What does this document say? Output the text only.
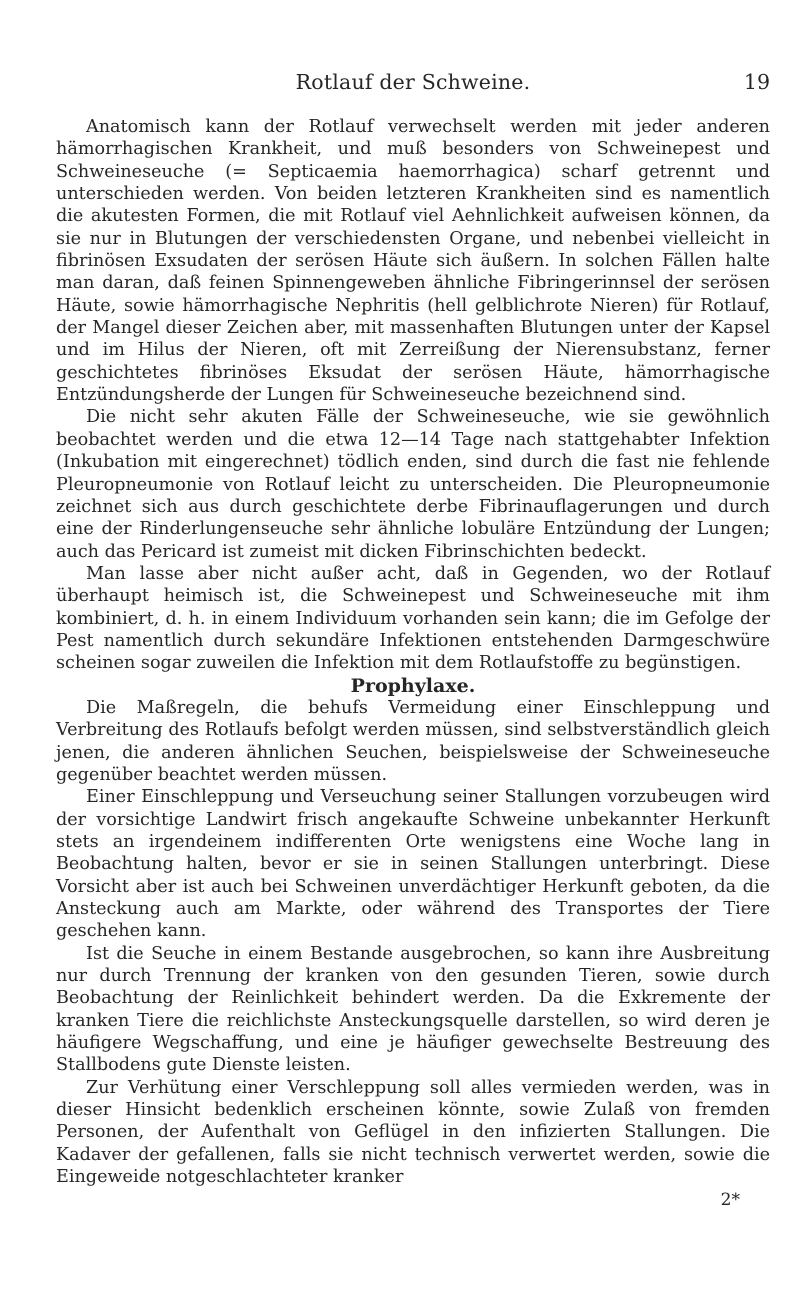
Rotlauf der Schweine.	19

Anatomisch kann der Rotlauf verwechselt werden mit jeder anderen hämorrhagischen Krankheit, und muß besonders von Schweinepest und Schweineseuche (= Septicaemia haemorrhagica) scharf getrennt und unterschieden werden. Von beiden letzteren Krankheiten sind es namentlich die akutesten Formen, die mit Rotlauf viel Aehnlichkeit aufweisen können, da sie nur in Blutungen der verschiedensten Organe, und nebenbei vielleicht in fibrinösen Exsudaten der serösen Häute sich äußern. In solchen Fällen halte man daran, daß feinen Spinnengeweben ähnliche Fibringerinnsel der serösen Häute, sowie hämorrhagische Nephritis (hell gelblichrote Nieren) für Rotlauf, der Mangel dieser Zeichen aber, mit massenhaften Blutungen unter der Kapsel und im Hilus der Nieren, oft mit Zerreißung der Nierensubstanz, ferner geschichtetes fibrinöses Eksudat der serösen Häute, hämorrhagische Entzündungsherde der Lungen für Schweineseuche bezeichnend sind.

Die nicht sehr akuten Fälle der Schweineseuche, wie sie gewöhnlich beobachtet werden und die etwa 12—14 Tage nach stattgehabter Infektion (Inkubation mit eingerechnet) tödlich enden, sind durch die fast nie fehlende Pleuropneumonie von Rotlauf leicht zu unterscheiden. Die Pleuropneumonie zeichnet sich aus durch geschichtete derbe Fibrinauflagerungen und durch eine der Rinderlungenseuche sehr ähnliche lobuläre Entzündung der Lungen; auch das Pericard ist zumeist mit dicken Fibrinschichten bedeckt.

Man lasse aber nicht außer acht, daß in Gegenden, wo der Rotlauf überhaupt heimisch ist, die Schweinepest und Schweineseuche mit ihm kombiniert, d. h. in einem Individuum vorhanden sein kann; die im Gefolge der Pest namentlich durch sekundäre Infektionen entstehenden Darmgeschwüre scheinen sogar zuweilen die Infektion mit dem Rotlaufstoffe zu begünstigen.

Prophylaxe.

Die Maßregeln, die behufs Vermeidung einer Einschleppung und Verbreitung des Rotlaufs befolgt werden müssen, sind selbstverständlich gleich jenen, die anderen ähnlichen Seuchen, beispielsweise der Schweineseuche gegenüber beachtet werden müssen.

Einer Einschleppung und Verseuchung seiner Stallungen vorzubeugen wird der vorsichtige Landwirt frisch angekaufte Schweine unbekannter Herkunft stets an irgendeinem indifferenten Orte wenigstens eine Woche lang in Beobachtung halten, bevor er sie in seinen Stallungen unterbringt. Diese Vorsicht aber ist auch bei Schweinen unverdächtiger Herkunft geboten, da die Ansteckung auch am Markte, oder während des Transportes der Tiere geschehen kann.

Ist die Seuche in einem Bestande ausgebrochen, so kann ihre Ausbreitung nur durch Trennung der kranken von den gesunden Tieren, sowie durch Beobachtung der Reinlichkeit behindert werden. Da die Exkremente der kranken Tiere die reichlichste Ansteckungsquelle darstellen, so wird deren je häufigere Wegschaffung, und eine je häufiger gewechselte Bestreuung des Stallbodens gute Dienste leisten.

Zur Verhütung einer Verschleppung soll alles vermieden werden, was in dieser Hinsicht bedenklich erscheinen könnte, sowie Zulaß von fremden Personen, der Aufenthalt von Geflügel in den infizierten Stallungen. Die Kadaver der gefallenen, falls sie nicht technisch verwertet werden, sowie die Eingeweide notgeschlachteter kranker

2*
